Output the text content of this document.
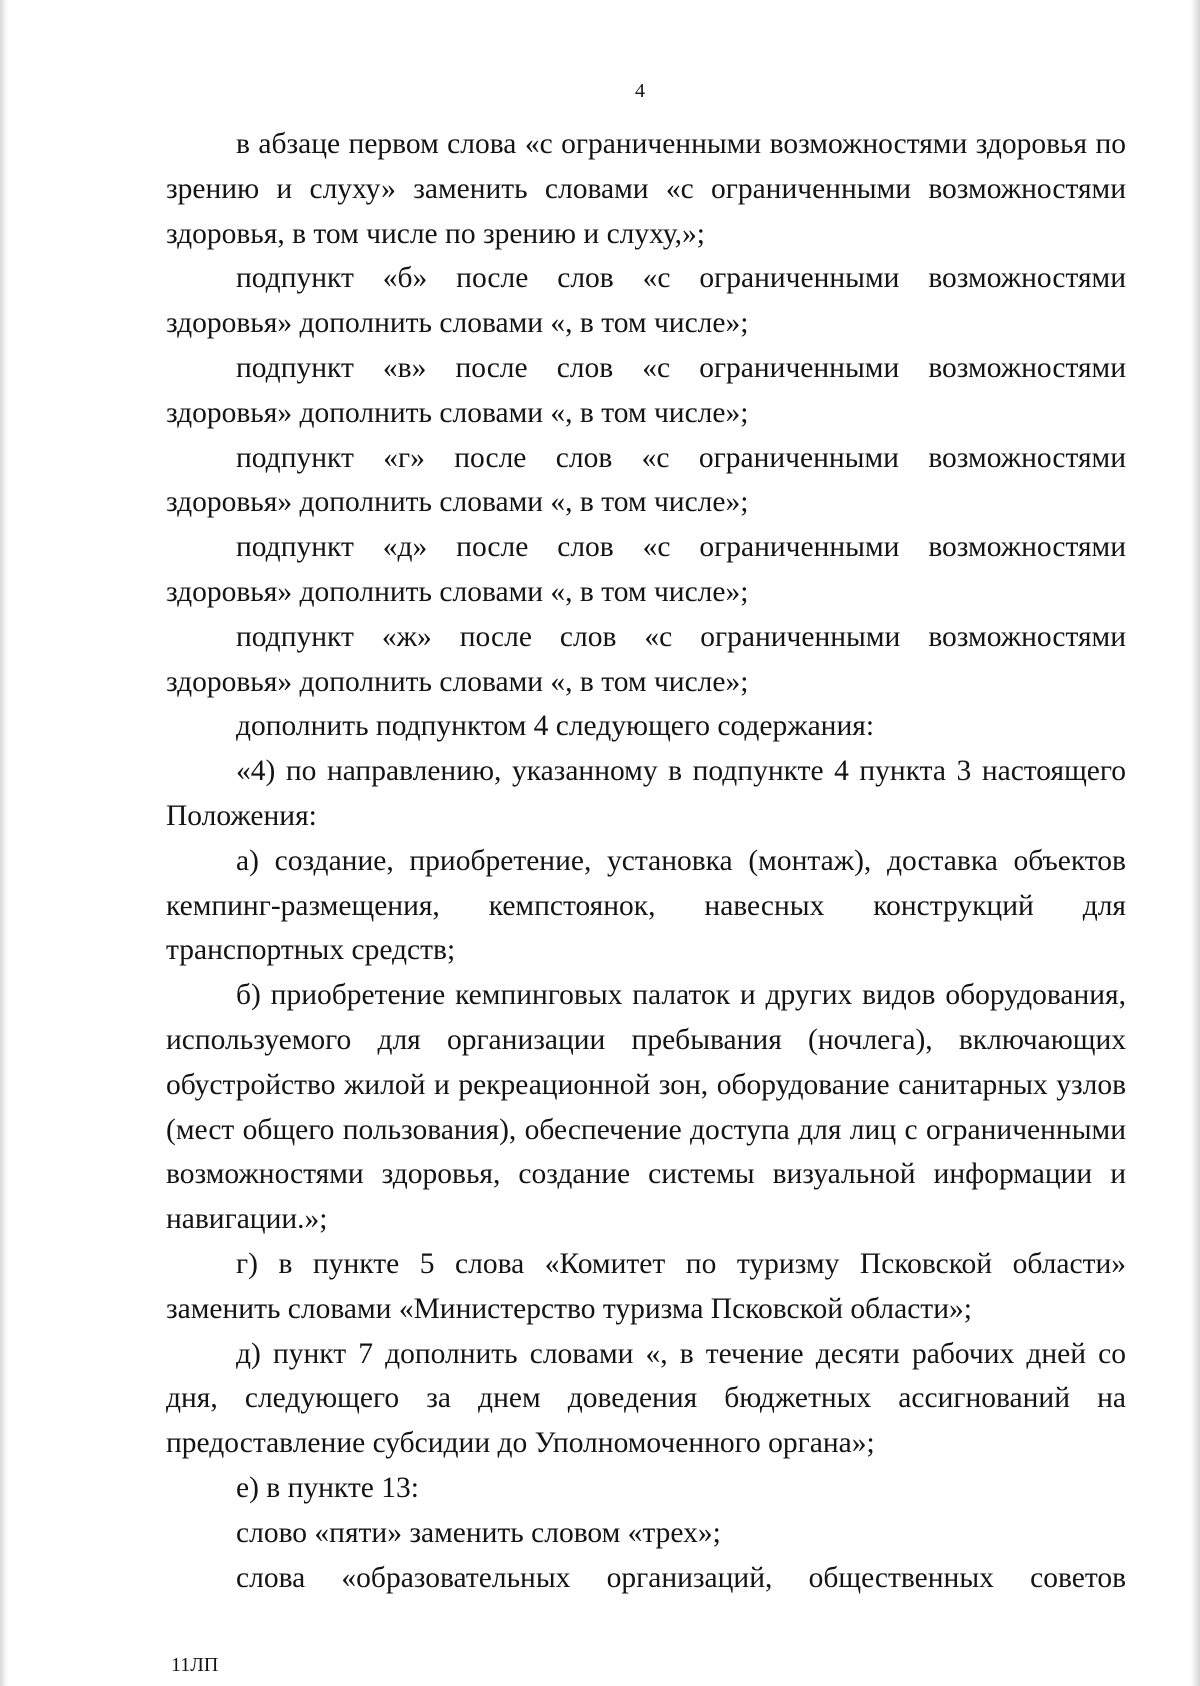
4

в абзаце первом слова «с ограниченными возможностями здоровья по зрению и слуху» заменить словами «с ограниченными возможностями здоровья, в том числе по зрению и слуху,»;

подпункт «б» после слов «с ограниченными возможностями здоровья» дополнить словами «, в том числе»;

подпункт «в» после слов «с ограниченными возможностями здоровья» дополнить словами «, в том числе»;

подпункт «г» после слов «с ограниченными возможностями здоровья» дополнить словами «, в том числе»;

подпункт «д» после слов «с ограниченными возможностями здоровья» дополнить словами «, в том числе»;

подпункт «ж» после слов «с ограниченными возможностями здоровья» дополнить словами «, в том числе»;

дополнить подпунктом 4 следующего содержания:

«4) по направлению, указанному в подпункте 4 пункта 3 настоящего Положения:

а) создание, приобретение, установка (монтаж), доставка объектов кемпинг-размещения, кемпстоянок, навесных конструкций для транспортных средств;

б) приобретение кемпинговых палаток и других видов оборудования, используемого для организации пребывания (ночлега), включающих обустройство жилой и рекреационной зон, оборудование санитарных узлов (мест общего пользования), обеспечение доступа для лиц с ограниченными возможностями здоровья, создание системы визуальной информации и навигации.»;

г) в пункте 5 слова «Комитет по туризму Псковской области» заменить словами «Министерство туризма Псковской области»;

д) пункт 7 дополнить словами «, в течение десяти рабочих дней со дня, следующего за днем доведения бюджетных ассигнований на предоставление субсидии до Уполномоченного органа»;

е) в пункте 13:

слово «пяти» заменить словом «трех»;

слова «образовательных организаций, общественных советов

11ЛП
